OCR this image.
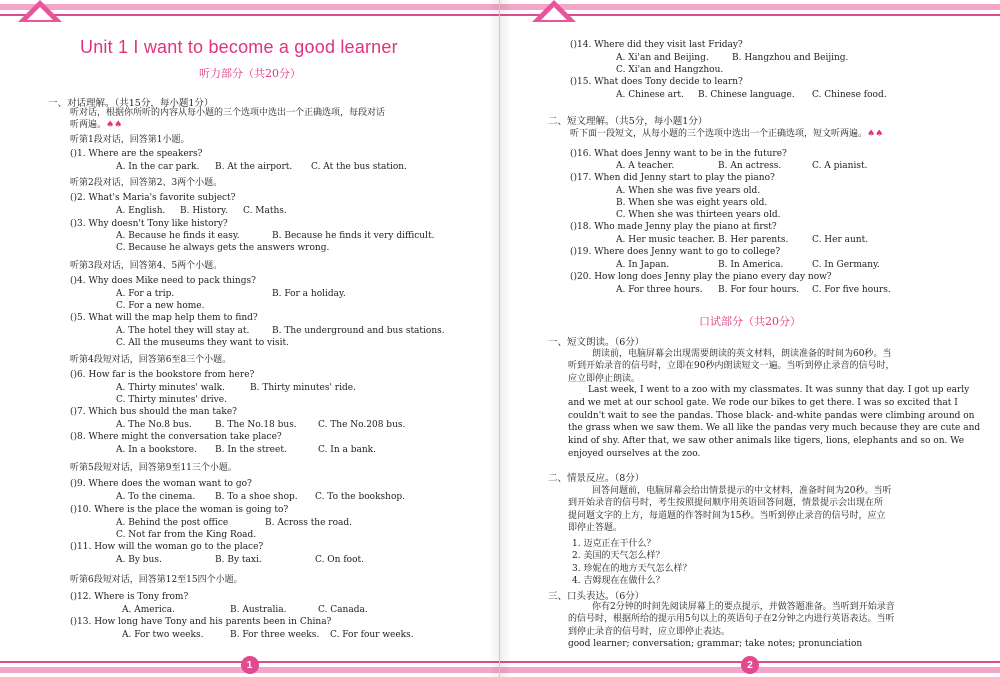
1
Unit 1 I want to become a good learner
听力部分（共20分）
一、对话理解。（共15分，每小题1分）
听对话，根据你所听的内容从每小题的三个选项中选出一个正确选项，每段对话
听两遍。♠♠
听第1段对话，回答第1小题。
()1. Where are the speakers?
A. In the car park. B. At the airport. C. At the bus station.
听第2段对话，回答第2、3两个小题。
()2. What's Maria's favorite subject?
A. English. B. History. C. Maths.
()3. Why doesn't Tony like history?
A. Because he finds it easy.	B. Because he finds it very difficult.
C. Because he always gets the answers wrong.
听第3段对话，回答第4、5两个小题。
()4. Why does Mike need to pack things?
A. For a trip.	B. For a holiday.
C. For a new home.
()5. What will the map help them to find?
A. The hotel they will stay at.	B. The underground and bus stations.
C. All the museums they want to visit.
听第4段短对话，回答第6至8三个小题。
()6. How far is the bookstore from here?
A. Thirty minutes' walk.	B. Thirty minutes' ride.
C. Thirty minutes' drive.
()7. Which bus should the man take?
A. The No.8 bus.	B. The No.18 bus. C. The No.208 bus.
()8. Where might the conversation take place?
A. In a bookstore. B. In the street.	C. In a bank.
听第5段短对话，回答第9至11三个小题。
()9. Where does the woman want to go?
A. To the cinema. B. To a shoe shop. C. To the bookshop.
()10. Where is the place the woman is going to?
A. Behind the post office	B. Across the road.
C. Not far from the King Road.
()11. How will the woman go to the place?
A. By bus.	B. By taxi.	C. On foot.
听第6段短对话，回答第12至15四个小题。
()12. Where is Tony from?
A. America.	B. Australia.	C. Canada.
()13. How long have Tony and his parents been in China?
A. For two weeks.	B. For three weeks. C. For four weeks.
2
()14. Where did they visit last Friday?
A. Xi'an and Beijing.	B. Hangzhou and Beijing.
C. Xi'an and Hangzhou.
()15. What does Tony decide to learn?
A. Chinese art. B. Chinese language. C. Chinese food.
二、短文理解。（共5分，每小题1分）
听下面一段短文，从每小题的三个选项中选出一个正确选项，短文听两遍。♠♠
()16. What does Jenny want to be in the future?
A. A teacher.	B. An actress.	C. A pianist.
()17. When did Jenny start to play the piano?
A. When she was five years old.
B. When she was eight years old.
C. When she was thirteen years old.
()18. Who made Jenny play the piano at first?
A. Her music teacher. B. Her parents.	C. Her aunt.
()19. Where does Jenny want to go to college?
A. In Japan.	B. In America.	C. In Germany.
()20. How long does Jenny play the piano every day now?
A. For three hours. B. For four hours. C. For five hours.
口试部分（共20分）
一、短文朗读。（6分）
朗读前，电脑屏幕会出现需要朗读的英文材料，朗读准备的时间为60秒。当
听到开始录音的信号时，立即在90秒内朗读短文一遍。当听到停止录音的信号时，
应立即停止朗读。
Last week, I went to a zoo with my classmates. It was sunny that day. I got up early
and we met at our school gate. We rode our bikes to get there. I was so excited that I
couldn't wait to see the pandas. Those black- and-white pandas were climbing around on
the grass when we saw them. We all like the pandas very much because they are cute and
kind of shy. After that, we saw other animals like tigers, lions, elephants and so on. We
enjoyed ourselves at the zoo.
二、情景反应。（8分）
回答问题前，电脑屏幕会给出情景提示的中文材料，准备时间为20秒。当听
到开始录音的信号时，考生按照提问顺序用英语回答问题，情景提示会出现在所
提问题文字的上方，每道题的作答时间为15秒。当听到停止录音的信号时，应立
即停止答题。
1. 迈克正在干什么？
2. 美国的天气怎么样？
3. 珍妮在的地方天气怎么样？
4. 吉姆现在在做什么？
三、口头表达。（6分）
你有2分钟的时间先阅读屏幕上的要点提示，并做答题准备。当听到开始录音
的信号时，根据所给的提示用5句以上的英语句子在2分钟之内进行英语表达。当听
到停止录音的信号时，应立即停止表达。
good learner; conversation; grammar; take notes; pronunciation
